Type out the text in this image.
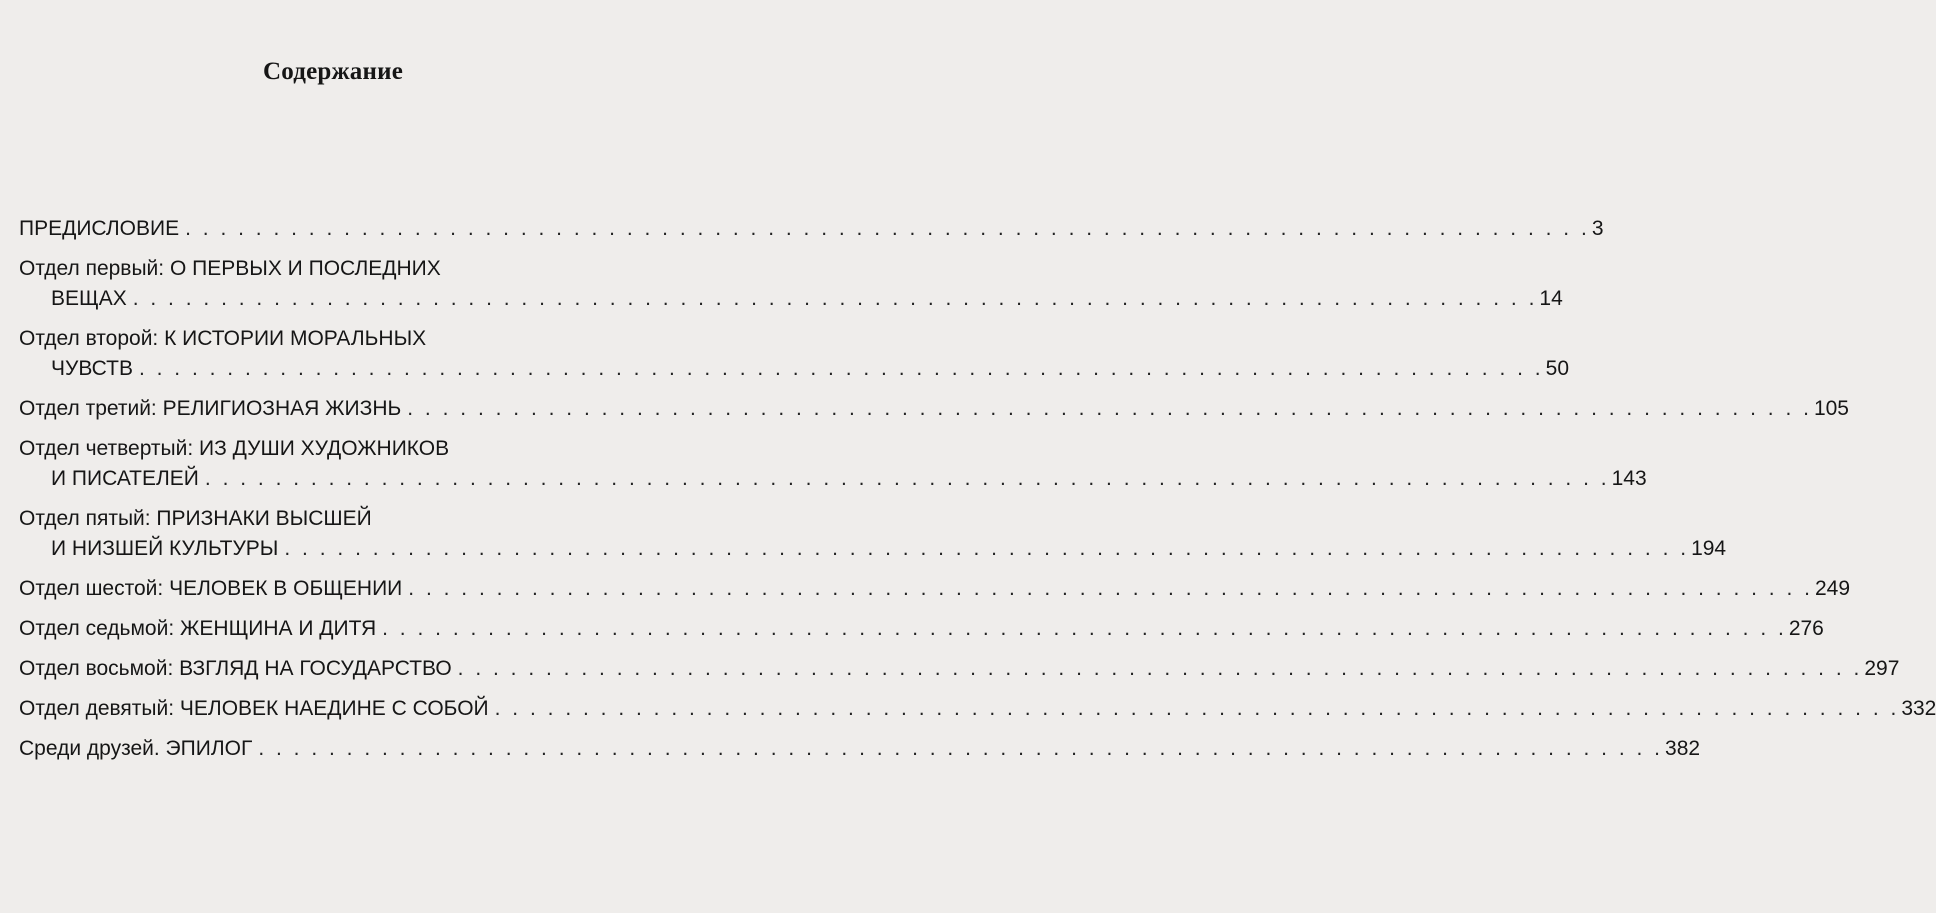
Содержание
ПРЕДИСЛОВИЕ . . . . . . . . . . . . . . . . . . . . . . . . . . . . . . . . . . . . . . . . . . . . . . . . . . . . . . . . . . . . . . . . . . . . . . . . . . . . . . . . 3
Отдел первый: О ПЕРВЫХ И ПОСЛЕДНИХ
ВЕЩАХ . . . . . . . . . . . . . . . . . . . . . . . . . . . . . . . . . . . . . . . . . . . . . . . . . . . . . . . . . . . . . . . . . . . . . . . . . . . . . . . . 14
Отдел второй: К ИСТОРИИ МОРАЛЬНЫХ
ЧУВСТВ . . . . . . . . . . . . . . . . . . . . . . . . . . . . . . . . . . . . . . . . . . . . . . . . . . . . . . . . . . . . . . . . . . . . . . . . . . . . . . . . 50
Отдел третий: РЕЛИГИОЗНАЯ ЖИЗНЬ . . . . . . . . . . . . . . . . . . . . . . . . . . . . . . . . . . . . . . . . . . . . . . . . . . . . . . . . . . . . . . . . . . . . . . . . . . . . . . . . 105
Отдел четвертый: ИЗ ДУШИ ХУДОЖНИКОВ
И ПИСАТЕЛЕЙ . . . . . . . . . . . . . . . . . . . . . . . . . . . . . . . . . . . . . . . . . . . . . . . . . . . . . . . . . . . . . . . . . . . . . . . . . . . . . . . . 143
Отдел пятый: ПРИЗНАКИ ВЫСШЕЙ
И НИЗШЕЙ КУЛЬТУРЫ . . . . . . . . . . . . . . . . . . . . . . . . . . . . . . . . . . . . . . . . . . . . . . . . . . . . . . . . . . . . . . . . . . . . . . . . . . . . . . . . 194
Отдел шестой: ЧЕЛОВЕК В ОБЩЕНИИ . . . . . . . . . . . . . . . . . . . . . . . . . . . . . . . . . . . . . . . . . . . . . . . . . . . . . . . . . . . . . . . . . . . . . . . . . . . . . . . . 249
Отдел седьмой: ЖЕНЩИНА И ДИТЯ . . . . . . . . . . . . . . . . . . . . . . . . . . . . . . . . . . . . . . . . . . . . . . . . . . . . . . . . . . . . . . . . . . . . . . . . . . . . . . . . 276
Отдел восьмой: ВЗГЛЯД НА ГОСУДАРСТВО . . . . . . . . . . . . . . . . . . . . . . . . . . . . . . . . . . . . . . . . . . . . . . . . . . . . . . . . . . . . . . . . . . . . . . . . . . . . . . . . 297
Отдел девятый: ЧЕЛОВЕК НАЕДИНЕ С СОБОЙ . . . . . . . . . . . . . . . . . . . . . . . . . . . . . . . . . . . . . . . . . . . . . . . . . . . . . . . . . . . . . . . . . . . . . . . . . . . . . . . . 332
Среди друзей. ЭПИЛОГ . . . . . . . . . . . . . . . . . . . . . . . . . . . . . . . . . . . . . . . . . . . . . . . . . . . . . . . . . . . . . . . . . . . . . . . . . . . . . . . . 382
